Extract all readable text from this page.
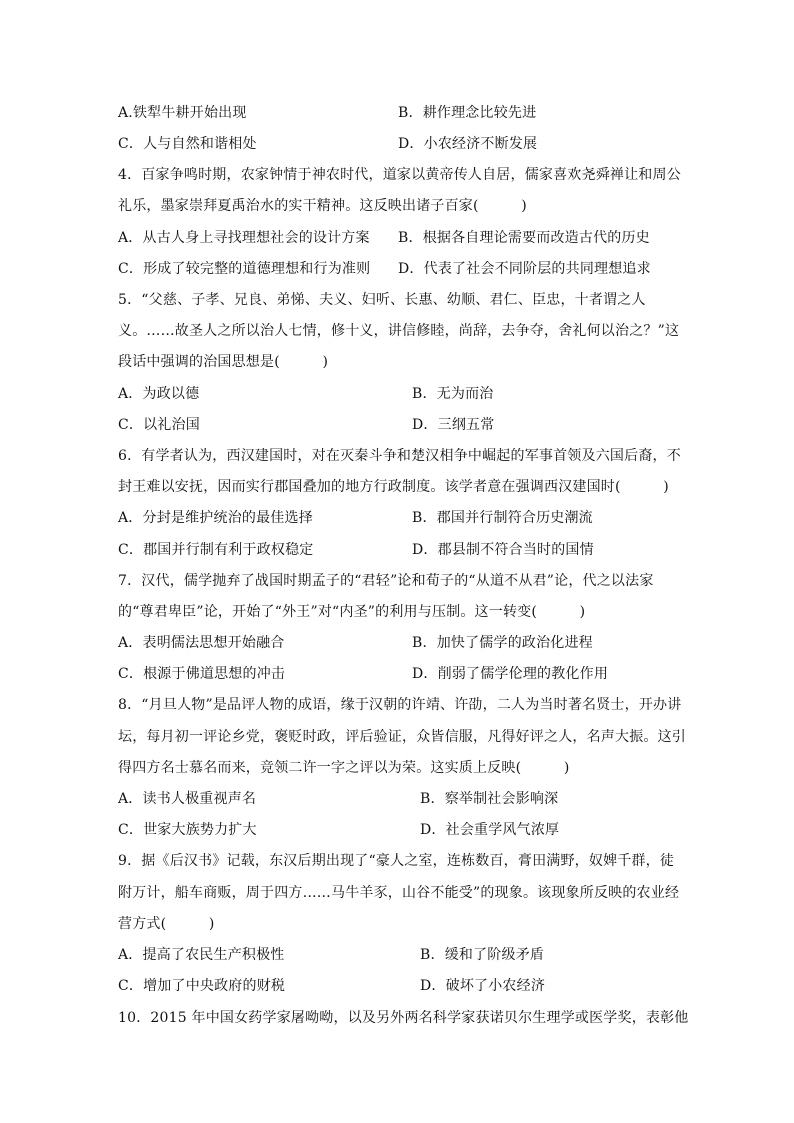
A.铁犁牛耕开始出现	B．耕作理念比较先进
C．人与自然和谐相处	D．小农经济不断发展
4．百家争鸣时期，农家钟情于神农时代，道家以黄帝传人自居，儒家喜欢尧舜禅让和周公
礼乐，墨家崇拜夏禹治水的实干精神。这反映出诸子百家(　　　)
A．从古人身上寻找理想社会的设计方案 B．根据各自理论需要而改造古代的历史
C．形成了较完整的道德理想和行为准则 D．代表了社会不同阶层的共同理想追求
5．“父慈、子孝、兄良、弟悌、夫义、妇听、长惠、幼顺、君仁、臣忠，十者谓之人
义。……故圣人之所以治人七情，修十义，讲信修睦，尚辞，去争夺，舍礼何以治之？”这
段话中强调的治国思想是(　　　)
A．为政以德	B．无为而治
C．以礼治国	D．三纲五常
6．有学者认为，西汉建国时，对在灭秦斗争和楚汉相争中崛起的军事首领及六国后裔，不
封王难以安抚，因而实行郡国叠加的地方行政制度。该学者意在强调西汉建国时(　　　)
A．分封是维护统治的最佳选择	B．郡国并行制符合历史潮流
C．郡国并行制有利于政权稳定	D．郡县制不符合当时的国情
7．汉代，儒学抛弃了战国时期孟子的“君轻”论和荀子的“从道不从君”论，代之以法家
的“尊君卑臣”论，开始了“外王”对“内圣”的利用与压制。这一转变(　　　)
A．表明儒法思想开始融合	B．加快了儒学的政治化进程
C．根源于佛道思想的冲击	D．削弱了儒学伦理的教化作用
8．“月旦人物”是品评人物的成语，缘于汉朝的许靖、许劭，二人为当时著名贤士，开办讲
坛，每月初一评论乡党，褒贬时政，评后验证，众皆信服，凡得好评之人，名声大振。这引
得四方名士慕名而来，竞领二许一字之评以为荣。这实质上反映(　　　)
A．读书人极重视声名	B．察举制社会影响深
C．世家大族势力扩大	D．社会重学风气浓厚
9．据《后汉书》记载，东汉后期出现了“豪人之室，连栋数百，膏田满野，奴婢千群，徒
附万计，船车商贩，周于四方……马牛羊豕，山谷不能受”的现象。该现象所反映的农业经
营方式(　　　)
A．提高了农民生产积极性	B．缓和了阶级矛盾
C．增加了中央政府的财税	D．破坏了小农经济
10．2015 年中国女药学家屠呦呦，以及另外两名科学家获诺贝尔生理学或医学奖，表彰他
